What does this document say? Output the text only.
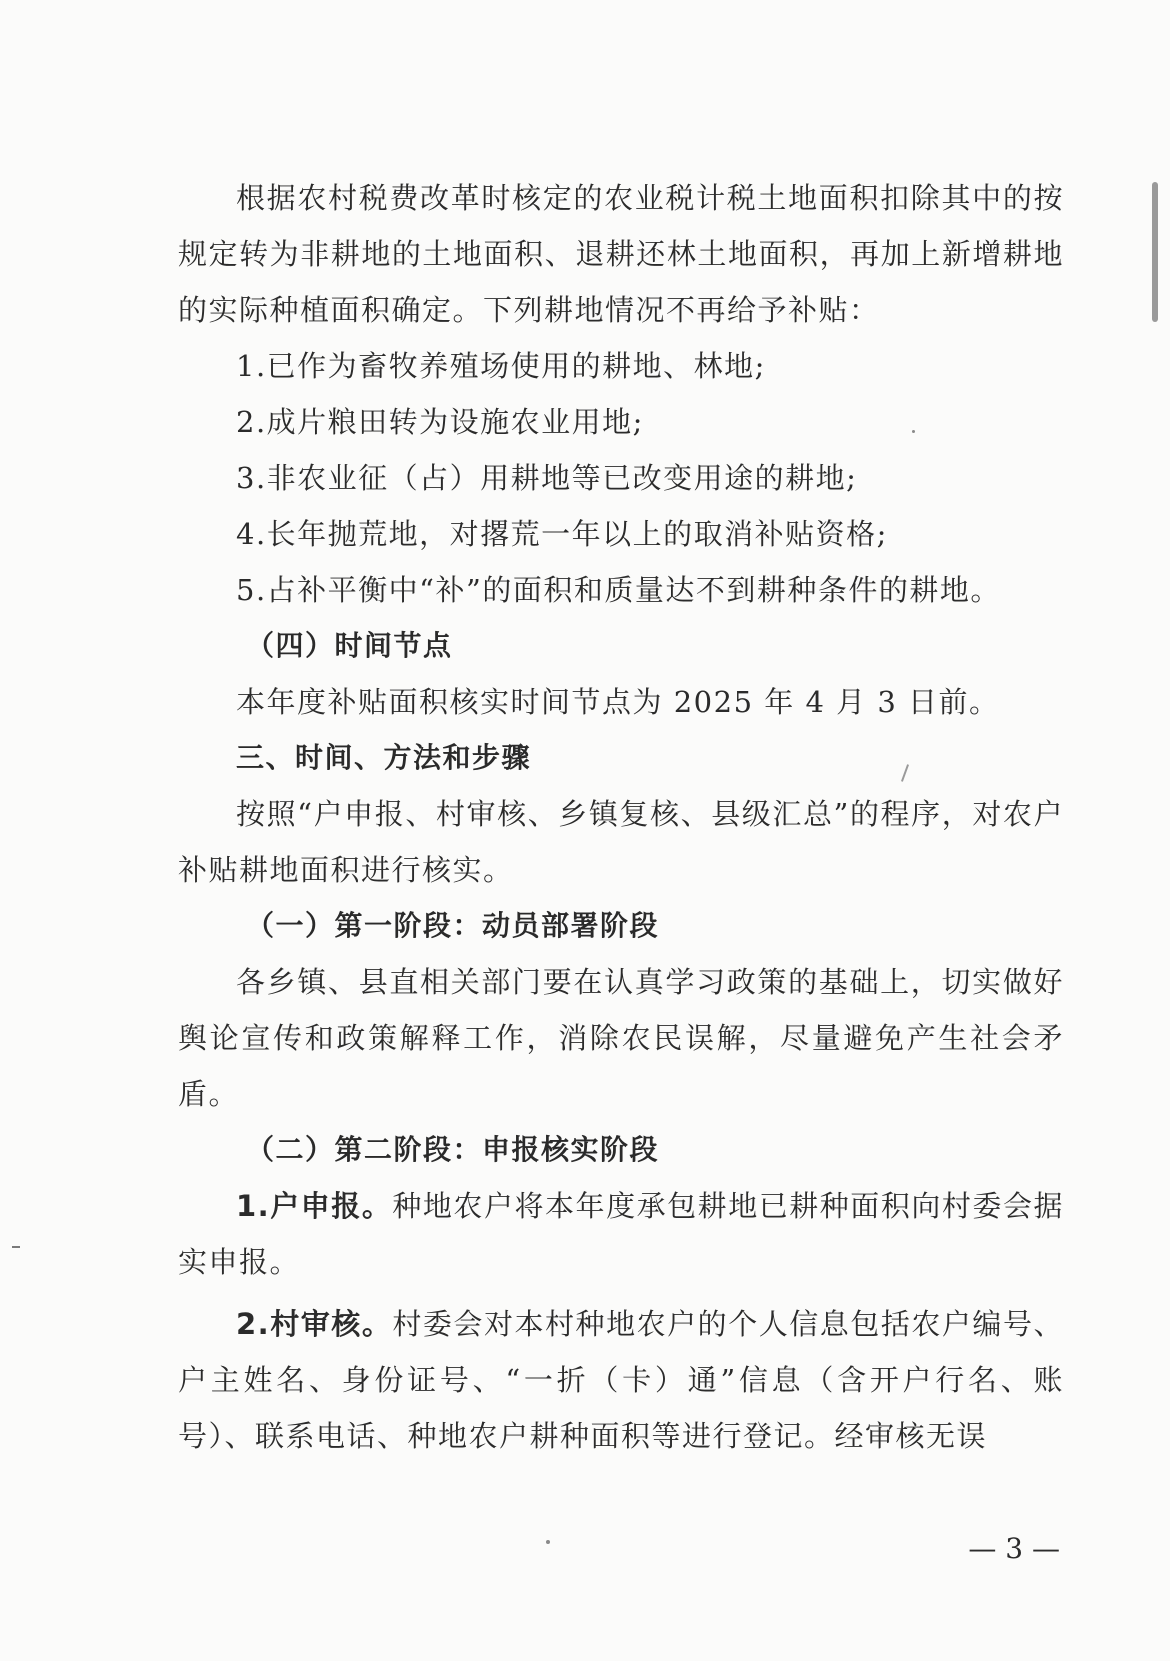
根据农村税费改革时核定的农业税计税土地面积扣除其中的按规定转为非耕地的土地面积、退耕还林土地面积，再加上新增耕地的实际种植面积确定。下列耕地情况不再给予补贴：

1.已作为畜牧养殖场使用的耕地、林地;

2.成片粮田转为设施农业用地;

3.非农业征（占）用耕地等已改变用途的耕地;

4.长年抛荒地，对撂荒一年以上的取消补贴资格;

5.占补平衡中“补”的面积和质量达不到耕种条件的耕地。

（四）时间节点

本年度补贴面积核实时间节点为 2025 年 4 月 3 日前。

三、时间、方法和步骤

按照“户申报、村审核、乡镇复核、县级汇总”的程序，对农户补贴耕地面积进行核实。

（一）第一阶段：动员部署阶段

各乡镇、县直相关部门要在认真学习政策的基础上，切实做好舆论宣传和政策解释工作，消除农民误解，尽量避免产生社会矛盾。

（二）第二阶段：申报核实阶段

1.户申报。种地农户将本年度承包耕地已耕种面积向村委会据实申报。

2.村审核。村委会对本村种地农户的个人信息包括农户编号、户主姓名、身份证号、“一折（卡）通”信息（含开户行名、账号）、联系电话、种地农户耕种面积等进行登记。经审核无误

— 3 —
